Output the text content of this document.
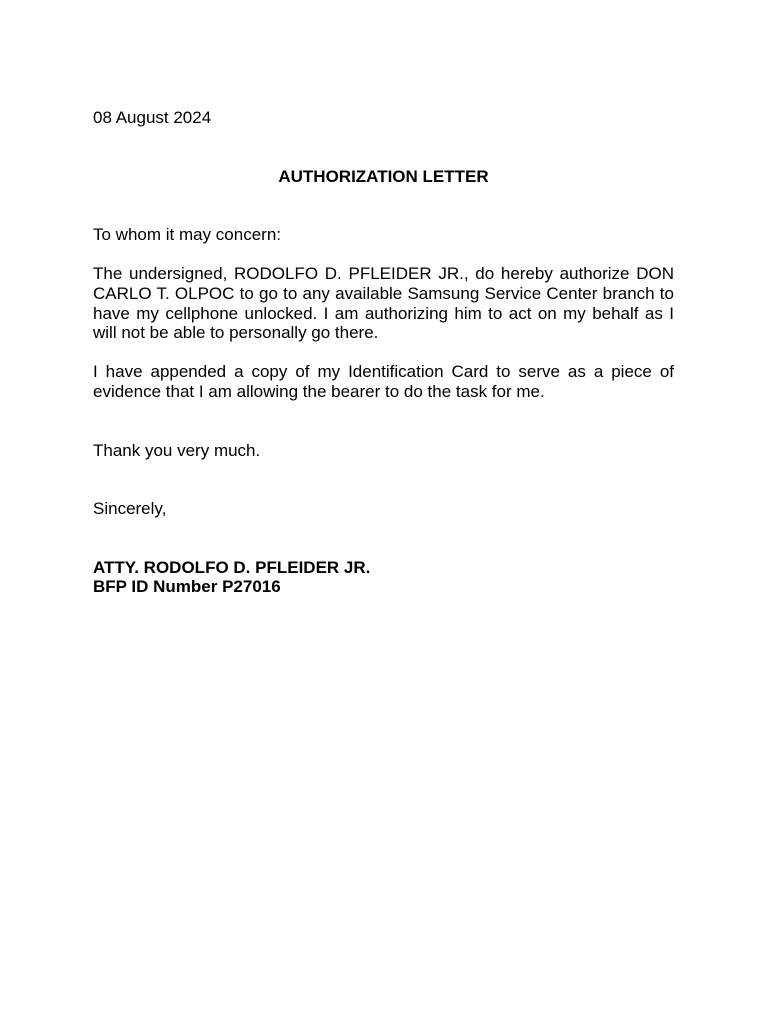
08 August 2024

AUTHORIZATION LETTER

To whom it may concern:

The undersigned, RODOLFO D. PFLEIDER JR., do hereby authorize DON CARLO T. OLPOC to go to any available Samsung Service Center branch to have my cellphone unlocked. I am authorizing him to act on my behalf as I will not be able to personally go there.

I have appended a copy of my Identification Card to serve as a piece of evidence that I am allowing the bearer to do the task for me.

Thank you very much.

Sincerely,

ATTY. RODOLFO D. PFLEIDER JR.

BFP ID Number P27016
